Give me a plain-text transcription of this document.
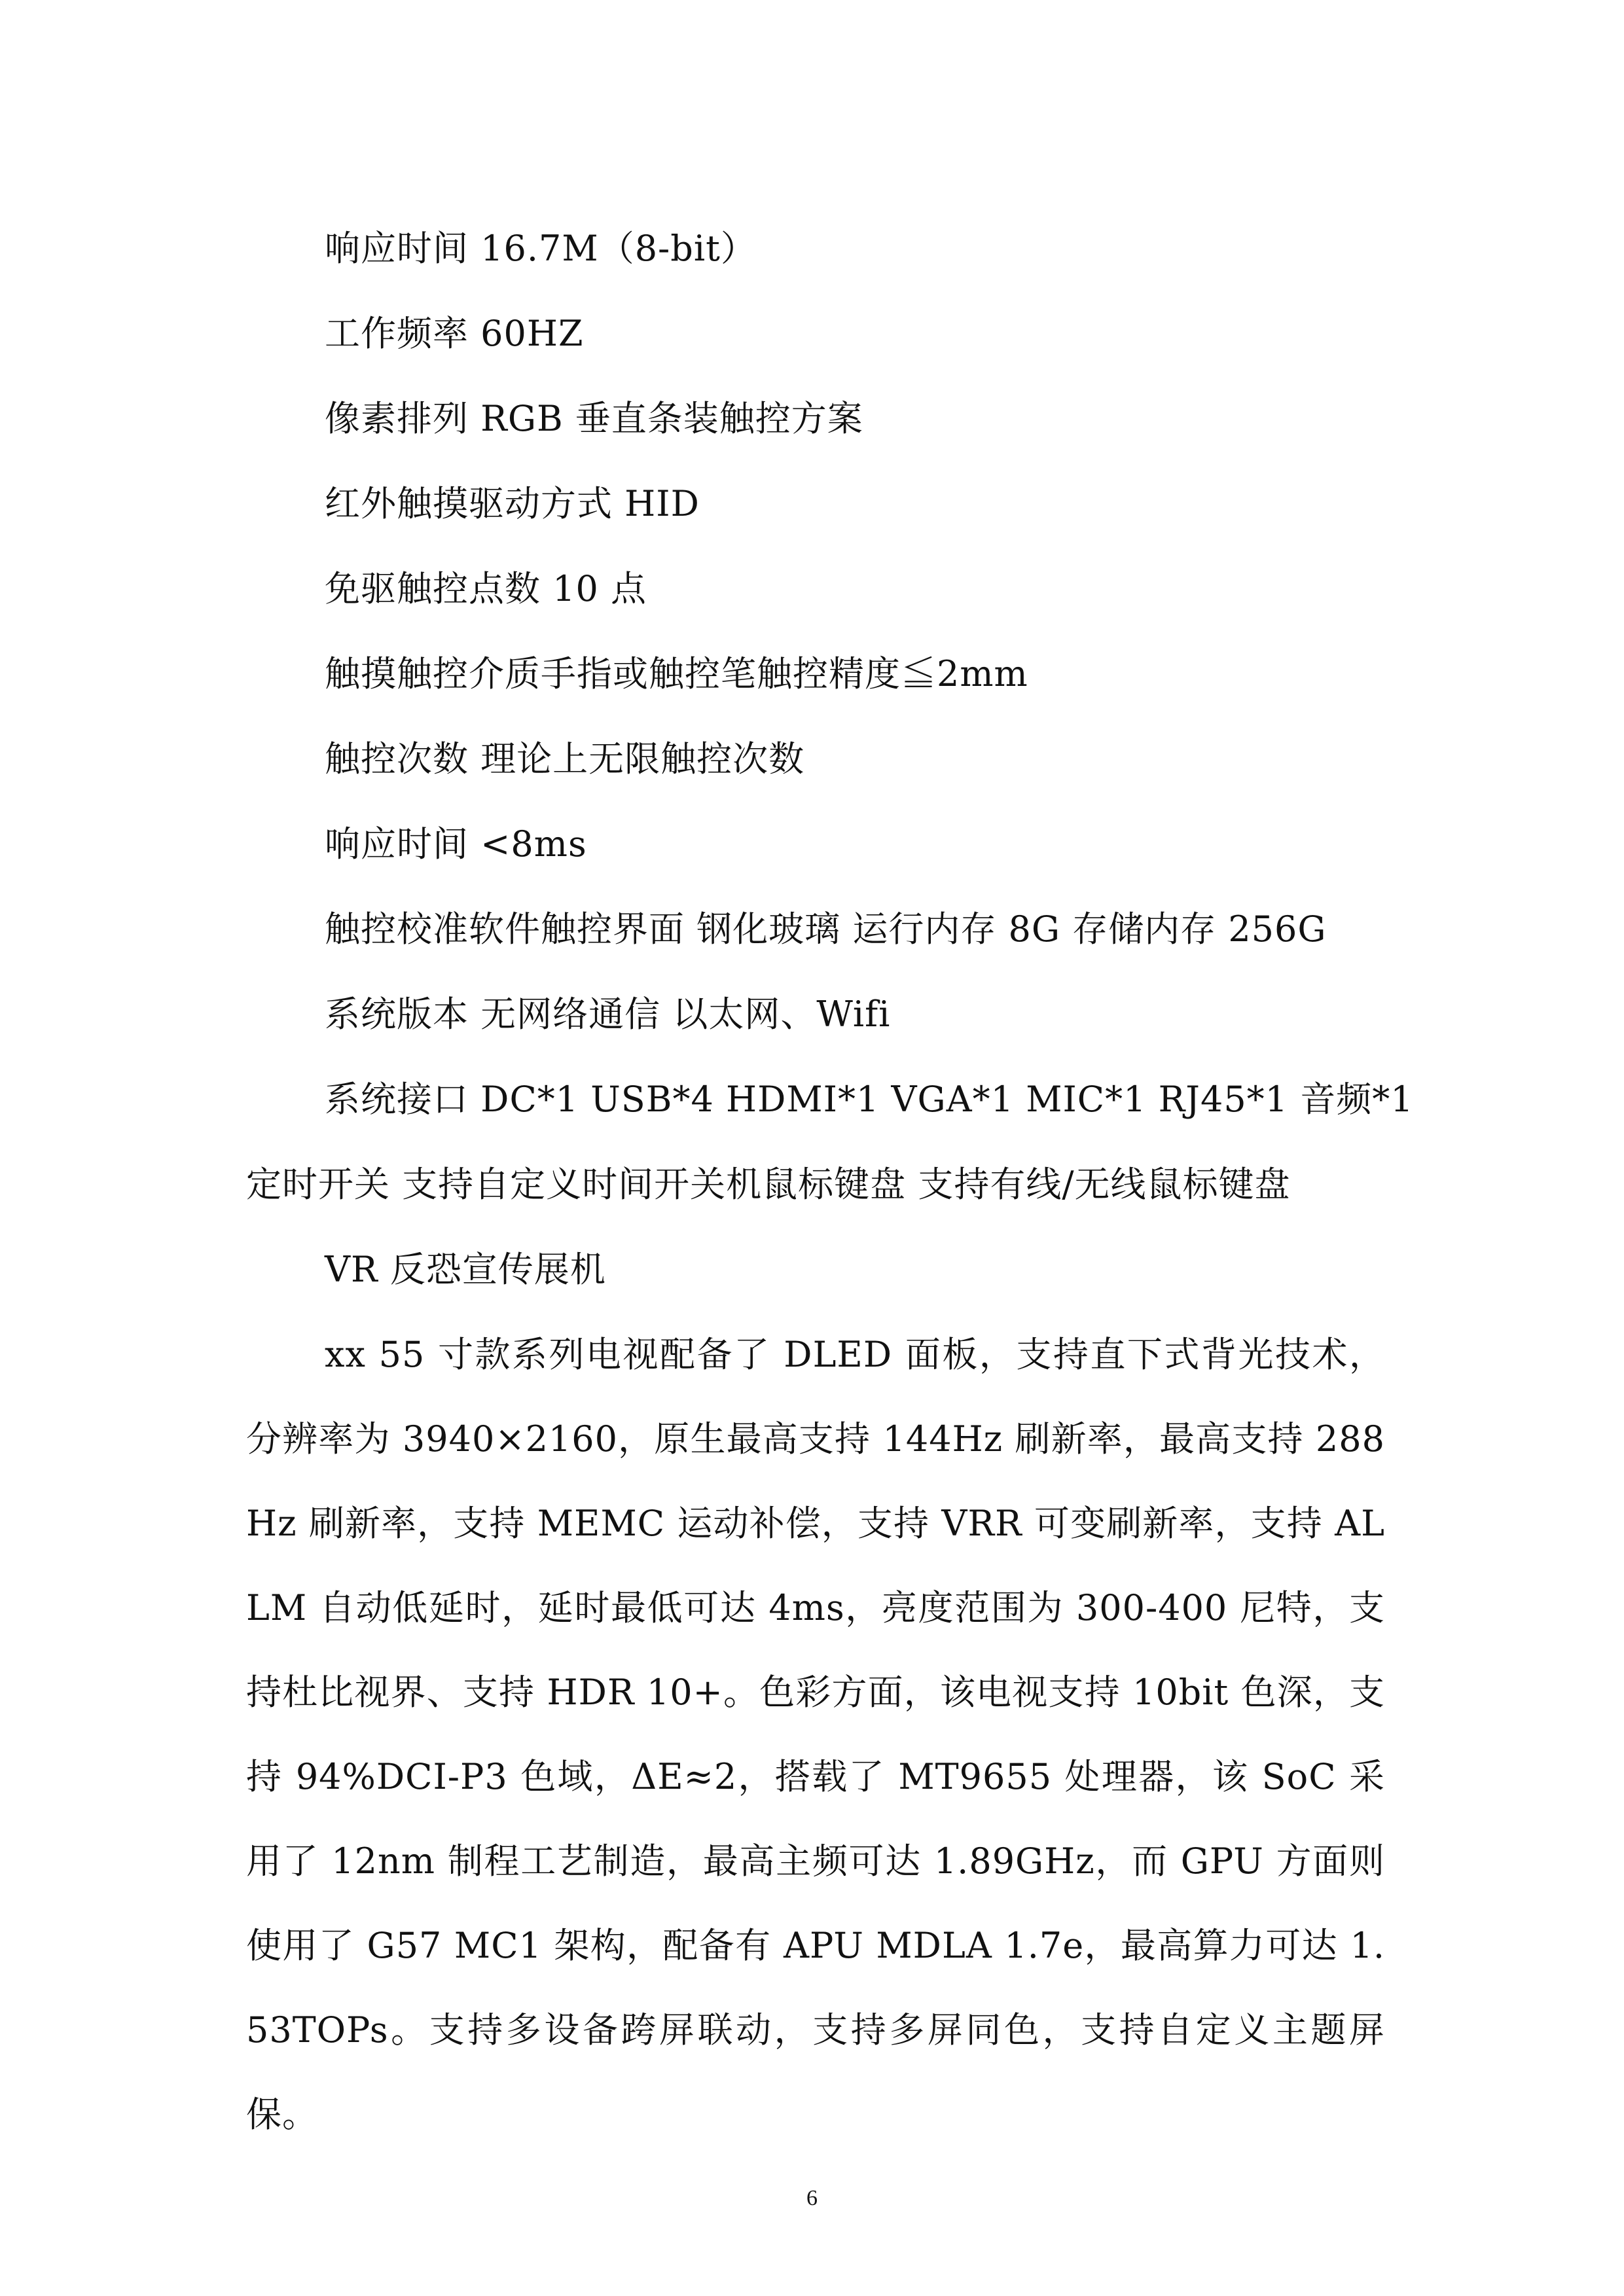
响应时间 16.7M（8-bit）
工作频率 60HZ
像素排列 RGB 垂直条装触控方案
红外触摸驱动方式 HID
免驱触控点数 10 点
触摸触控介质手指或触控笔触控精度≦2mm
触控次数 理论上无限触控次数
响应时间 <8ms
触控校准软件触控界面 钢化玻璃 运行内存 8G 存储内存 256G
系统版本 无网络通信 以太网、Wifi
系统接口 DC*1 USB*4 HDMI*1 VGA*1 MIC*1 RJ45*1 音频*1
定时开关 支持自定义时间开关机鼠标键盘 支持有线/无线鼠标键盘
VR 反恐宣传展机

xx 55 寸款系列电视配备了 DLED 面板，支持直下式背光技术，分辨率为 3940×2160，原生最高支持 144Hz 刷新率，最高支持 288Hz 刷新率，支持 MEMC 运动补偿，支持 VRR 可变刷新率，支持 ALLM 自动低延时，延时最低可达 4ms，亮度范围为 300-400 尼特，支持杜比视界、支持 HDR 10+。色彩方面，该电视支持 10bit 色深，支持 94%DCI-P3 色域，ΔE≈2，搭载了 MT9655 处理器，该 SoC 采用了 12nm 制程工艺制造，最高主频可达 1.89GHz，而 GPU 方面则使用了 G57 MC1 架构，配备有 APU MDLA 1.7e，最高算力可达 1.53TOPs。支持多设备跨屏联动，支持多屏同色，支持自定义主题屏保。

6
